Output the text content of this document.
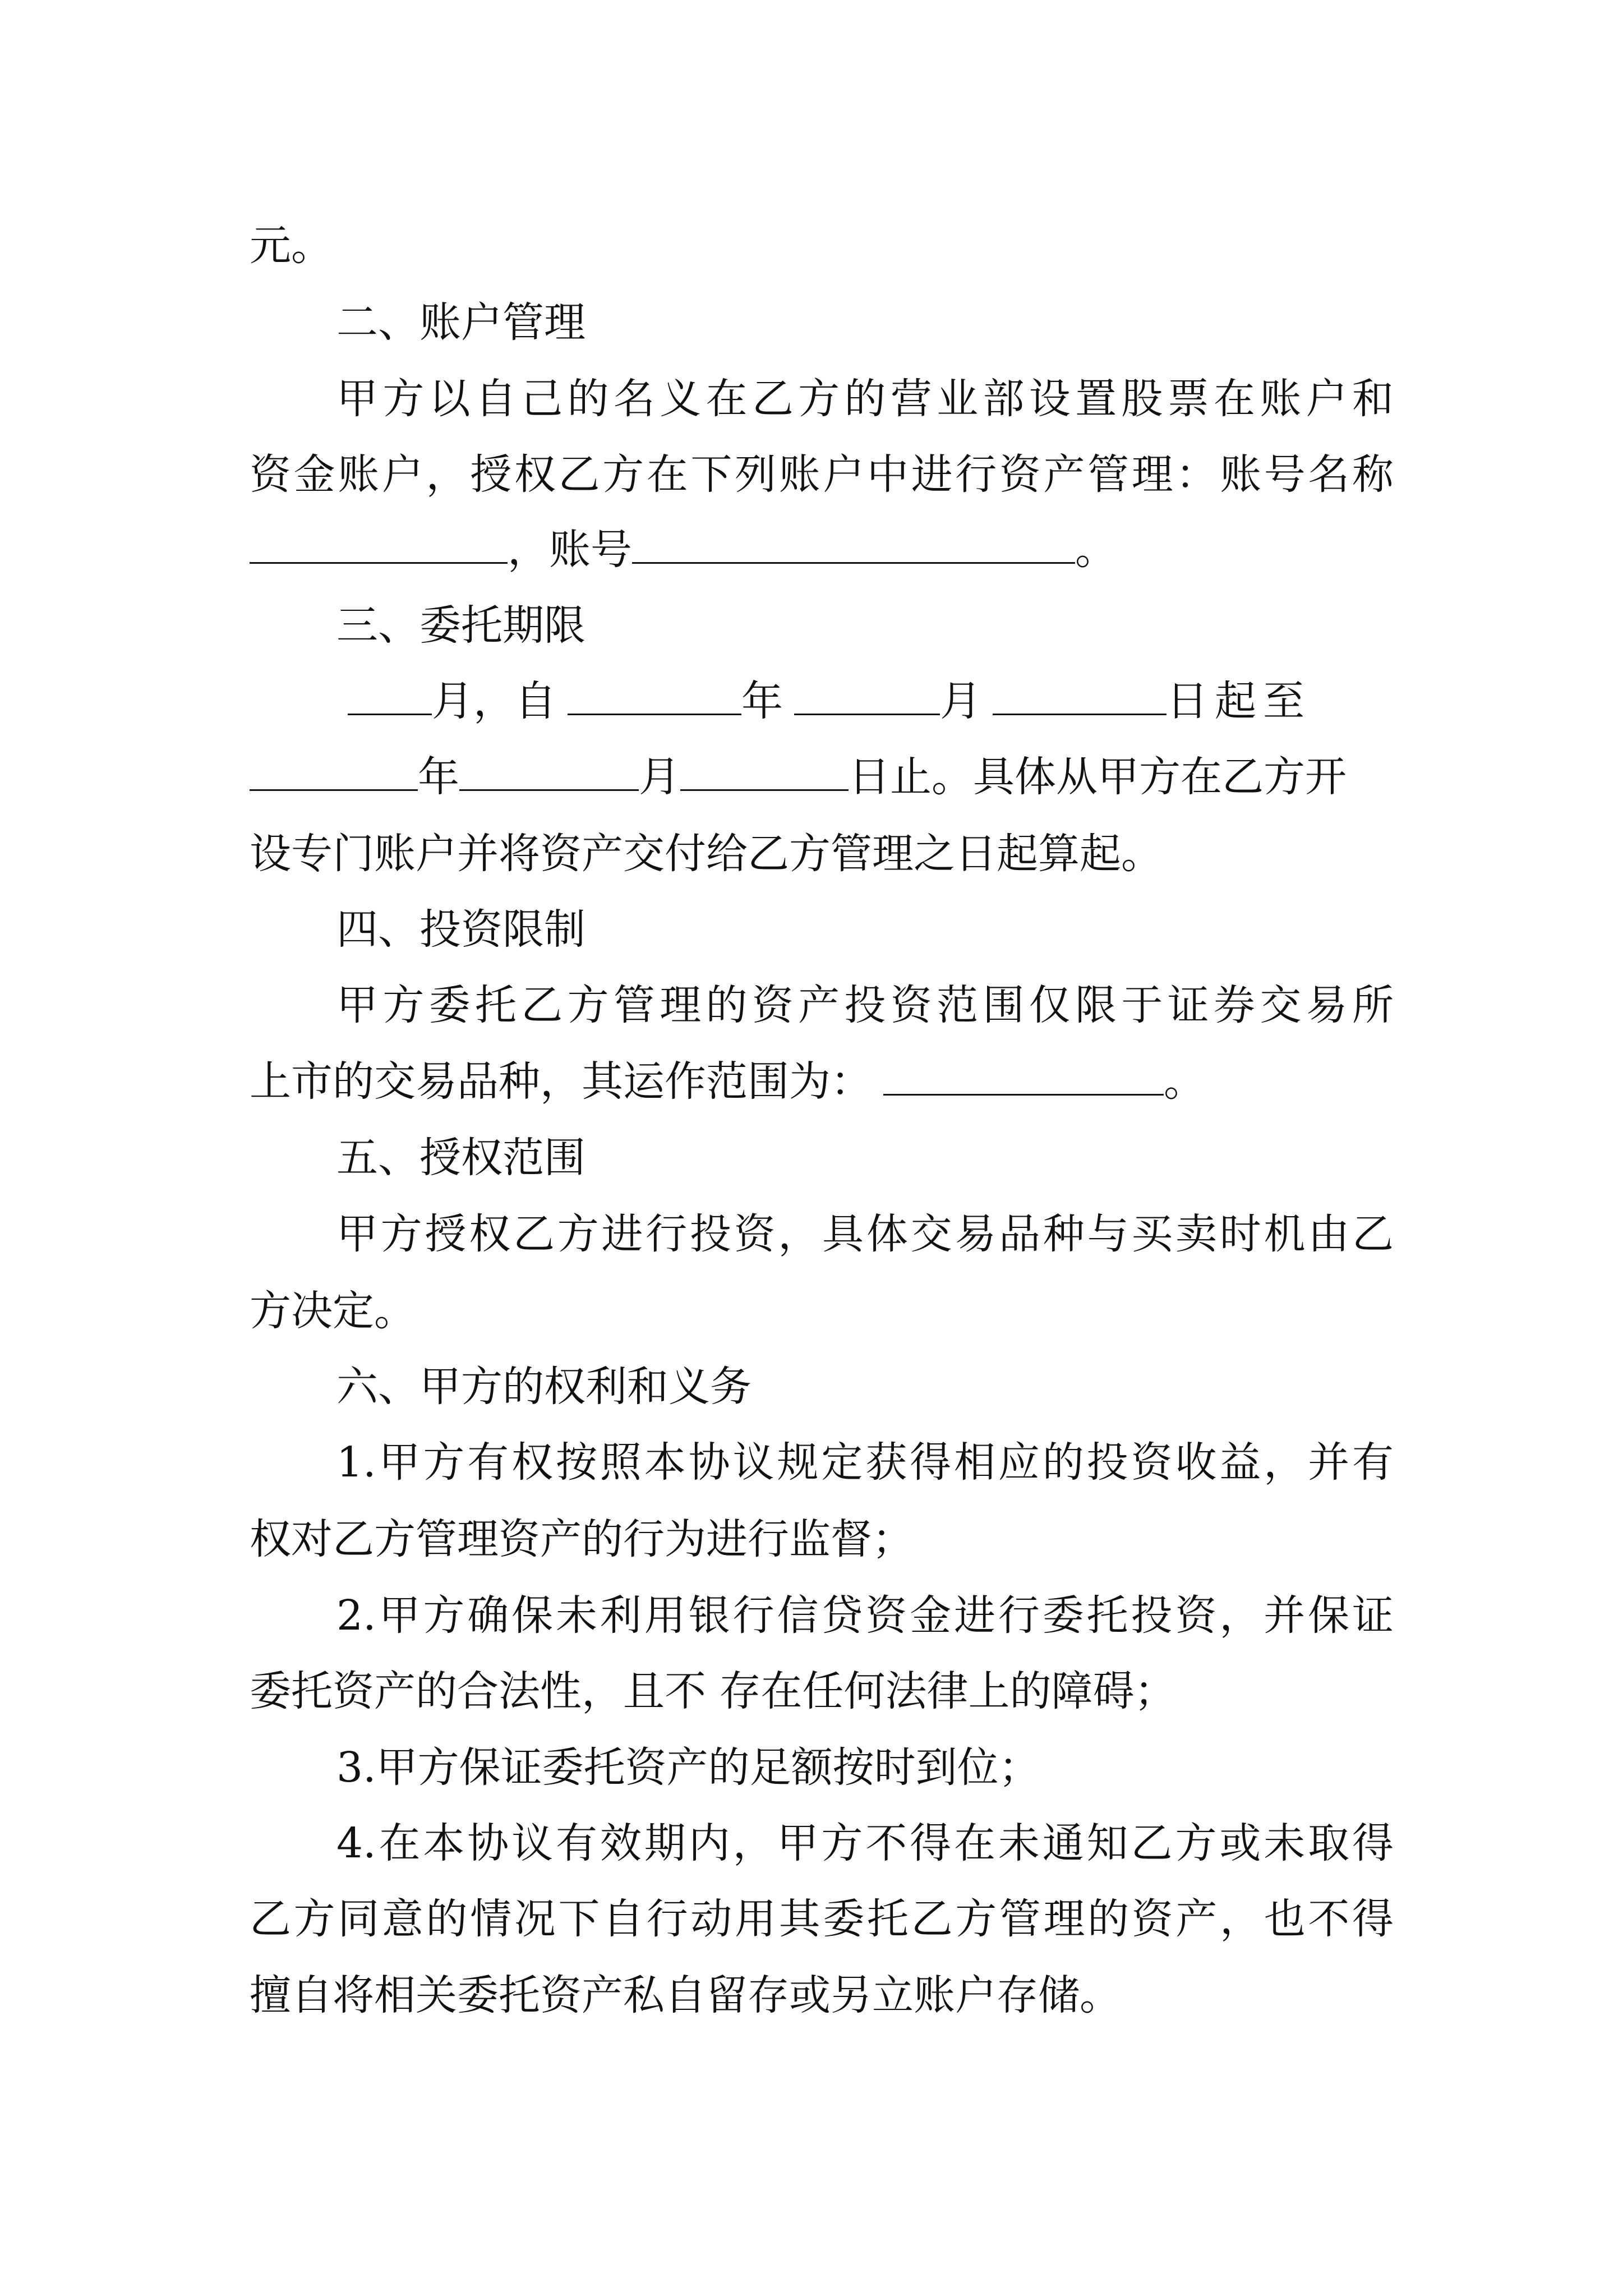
元。
二、账户管理
甲方以自己的名义在乙方的营业部设置股票在账户和
资金账户，授权乙方在下列账户中进行资产管理：账号名称
，账号	。
三、委托期限
月，自	年	月	日起至
年	月	日止。具体从甲方在乙方开
设专门账户并将资产交付给乙方管理之日起算起。
四、投资限制
甲方委托乙方管理的资产投资范围仅限于证券交易所
上市的交易品种，其运作范围为：	。
五、授权范围
甲方授权乙方进行投资，具体交易品种与买卖时机由乙
方决定。
六、甲方的权利和义务
1.甲方有权按照本协议规定获得相应的投资收益，并有
权对乙方管理资产的行为进行监督；
2.甲方确保未利用银行信贷资金进行委托投资，并保证
委托资产的合法性，且不 存在任何法律上的障碍；
3.甲方保证委托资产的足额按时到位；
4.在本协议有效期内，甲方不得在未通知乙方或未取得
乙方同意的情况下自行动用其委托乙方管理的资产，也不得
擅自将相关委托资产私自留存或另立账户存储。
